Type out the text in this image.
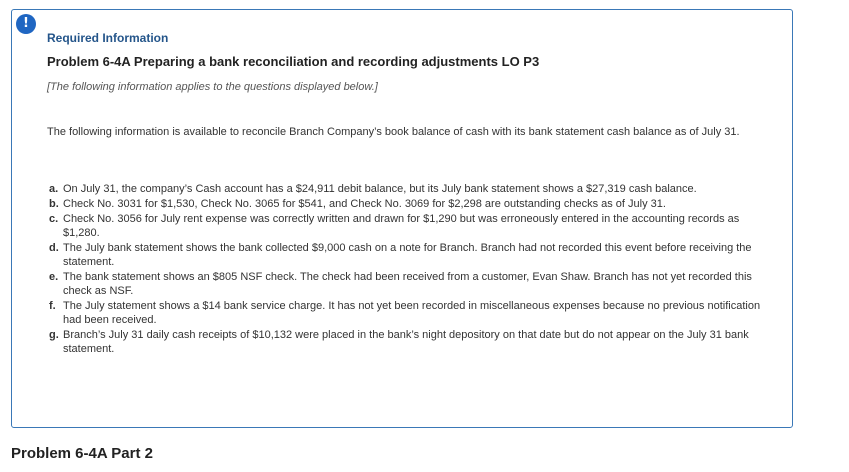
!
Required Information
Problem 6-4A Preparing a bank reconciliation and recording adjustments LO P3
[The following information applies to the questions displayed below.]
The following information is available to reconcile Branch Company’s book balance of cash with its bank statement cash balance as of July 31.
a. On July 31, the company’s Cash account has a $24,911 debit balance, but its July bank statement shows a $27,319 cash balance.
b. Check No. 3031 for $1,530, Check No. 3065 for $541, and Check No. 3069 for $2,298 are outstanding checks as of July 31.
c. Check No. 3056 for July rent expense was correctly written and drawn for $1,290 but was erroneously entered in the accounting records as $1,280.
d. The July bank statement shows the bank collected $9,000 cash on a note for Branch. Branch had not recorded this event before receiving the statement.
e. The bank statement shows an $805 NSF check. The check had been received from a customer, Evan Shaw. Branch has not yet recorded this check as NSF.
f. The July statement shows a $14 bank service charge. It has not yet been recorded in miscellaneous expenses because no previous notification had been received.
g. Branch’s July 31 daily cash receipts of $10,132 were placed in the bank’s night depository on that date but do not appear on the July 31 bank statement.
Problem 6-4A Part 2
